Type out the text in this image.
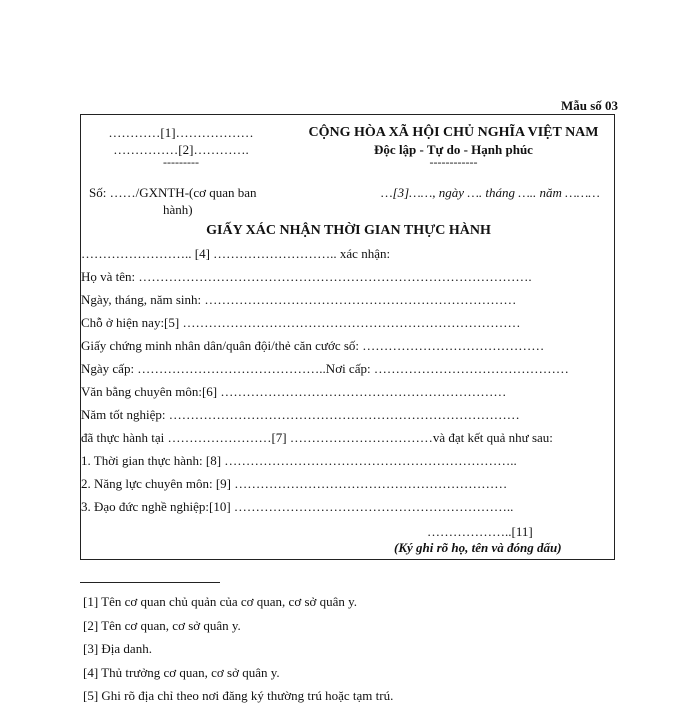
Mẫu số 03
…………[1]………………
……………[2]………….
---------
CỘNG HÒA XÃ HỘI CHỦ NGHĨA VIỆT NAM
Độc lập - Tự do - Hạnh phúc
------------
Số: ……/GXNTH-(cơ quan ban
hành)
…[3]……, ngày …. tháng ….. năm ………
GIẤY XÁC NHẬN THỜI GIAN THỰC HÀNH
…………………….. [4] ……………………….. xác nhận:
Họ và tên: ……………………………………………………………………………….
Ngày, tháng, năm sinh: ………………………………………………………………
Chỗ ở hiện nay:[5] ……………………………………………………………………
Giấy chứng minh nhân dân/quân đội/thẻ căn cước số: ……………………………………
Ngày cấp: ……………………………………..Nơi cấp: ………………………………………
Văn bằng chuyên môn:[6] …………………………………………………………
Năm tốt nghiệp: ………………………………………………………………………
đã thực hành tại ……………………[7] ……………………………và đạt kết quả như sau:
1. Thời gian thực hành: [8] …………………………………………………………..
2. Năng lực chuyên môn: [9] ………………………………………………………
3. Đạo đức nghề nghiệp:[10] ………………………………………………………..
………………..[11]
(Ký ghi rõ họ, tên và đóng dấu)
[1] Tên cơ quan chủ quản của cơ quan, cơ sở quân y.
[2] Tên cơ quan, cơ sở quân y.
[3] Địa danh.
[4] Thủ trưởng cơ quan, cơ sở quân y.
[5] Ghi rõ địa chỉ theo nơi đăng ký thường trú hoặc tạm trú.
